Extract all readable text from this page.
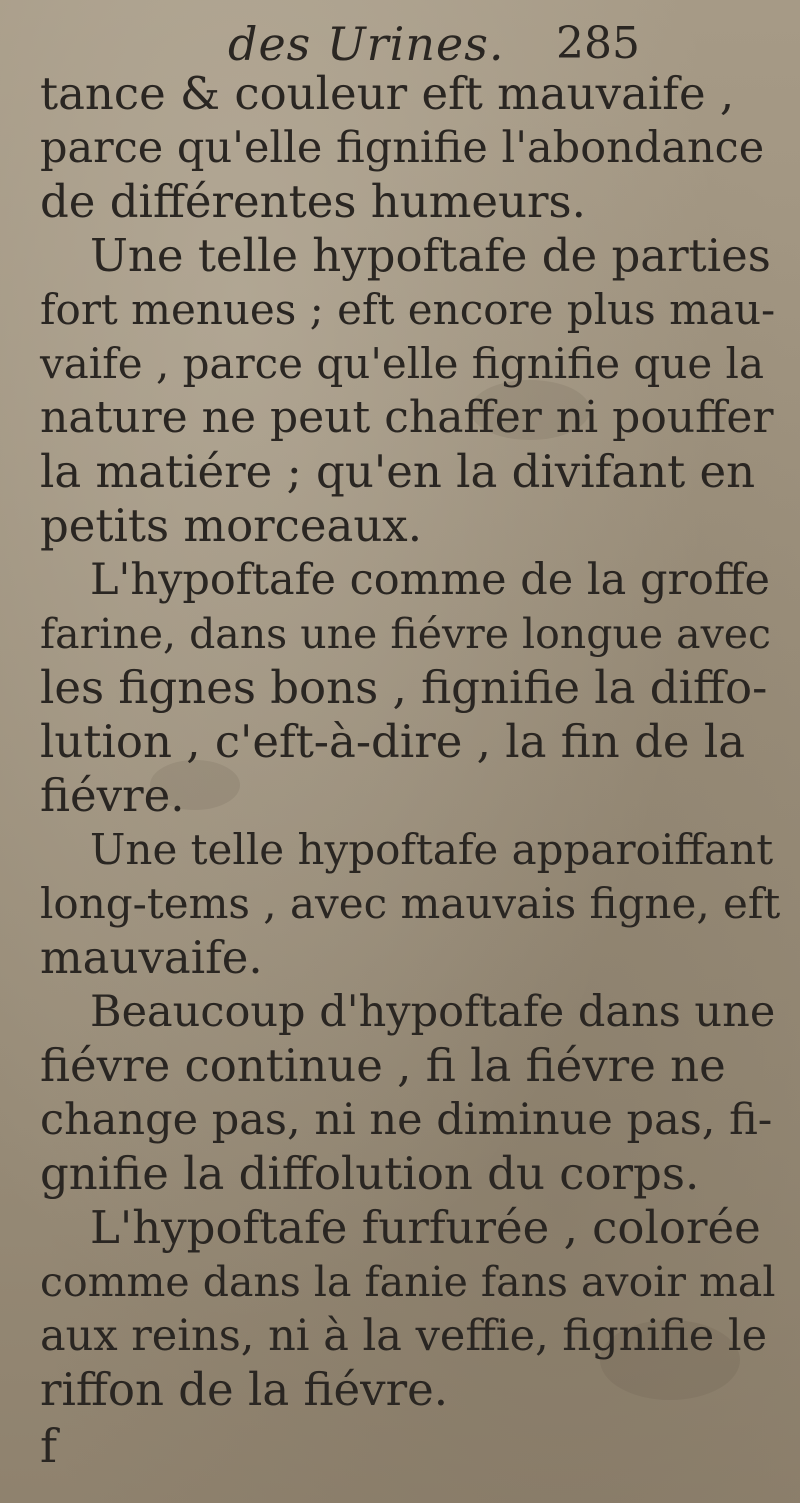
des Urines. 285
tance & couleur eft mauvaife ,
parce qu'elle fignifie l'abondance
de différentes humeurs.
Une telle hypoftafe de parties
fort menues ; eft encore plus mau-
vaife , parce qu'elle fignifie que la
nature ne peut chaffer ni pouffer
la matiére ; qu'en la divifant en
petits morceaux.
L'hypoftafe comme de la groffe
farine, dans une fiévre longue avec
les fignes bons , fignifie la diffo-
lution , c'eft-à-dire , la fin de la
fiévre.
Une telle hypoftafe apparoiffant
long-tems , avec mauvais figne, eft
mauvaife.
Beaucoup d'hypoftafe dans une
fiévre continue , fi la fiévre ne
change pas, ni ne diminue pas, fi-
gnifie la diffolution du corps.
L'hypoftafe furfurée , colorée
comme dans la fanie fans avoir mal
aux reins, ni à la veffie, fignifie le
riffon de la fiévre.
f
